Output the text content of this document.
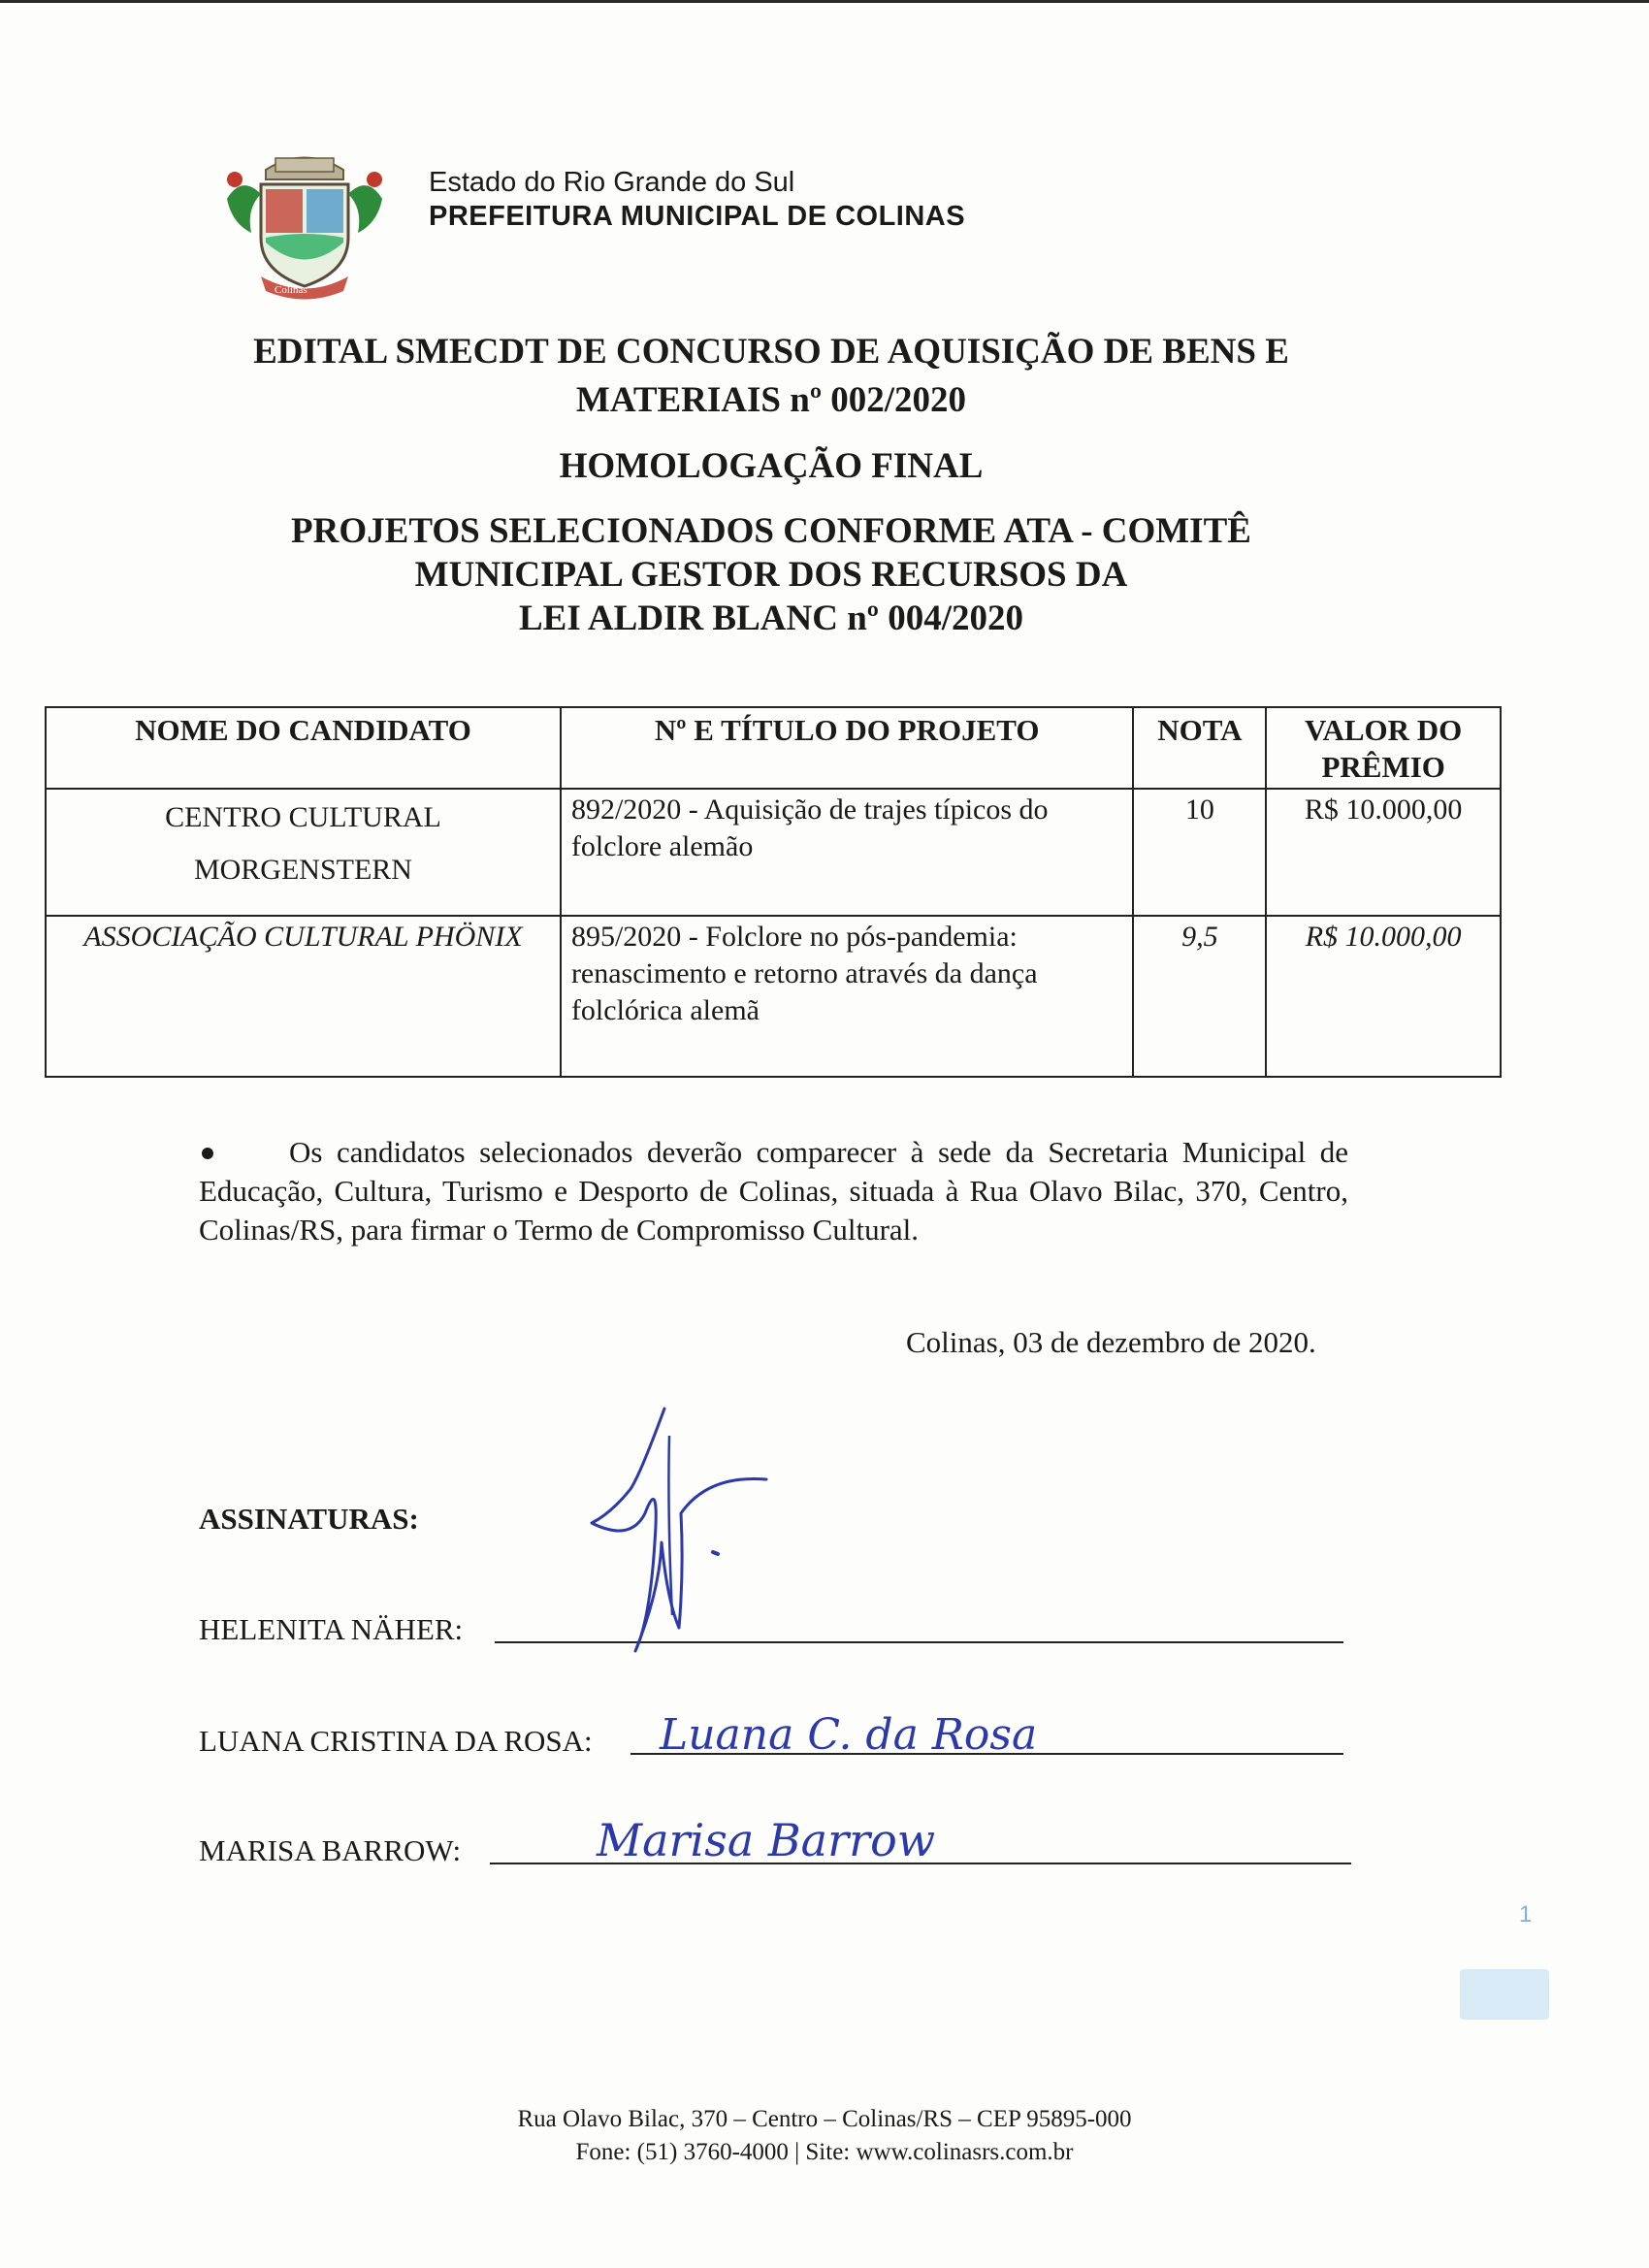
Colinas
Estado do Rio Grande do Sul
PREFEITURA MUNICIPAL DE COLINAS

EDITAL SMECDT DE CONCURSO DE AQUISIÇÃO DE BENS E

MATERIAIS nº 002/2020

HOMOLOGAÇÃO FINAL

PROJETOS SELECIONADOS CONFORME ATA - COMITÊ

MUNICIPAL GESTOR DOS RECURSOS DA

LEI ALDIR BLANC nº 004/2020

NOME DO CANDIDATO	Nº E TÍTULO DO PROJETO	NOTA	VALOR DO PRÊMIO

CENTRO CULTURAL
MORGENSTERN	892/2020 - Aquisição de trajes típicos do folclore alemão	10	R$ 10.000,00
ASSOCIAÇÃO CULTURAL PHÖNIX	895/2020 - Folclore no pós-pandemia: renascimento e retorno através da dança folclórica alemã	9,5	R$ 10.000,00
Os candidatos selecionados deverão comparecer à sede da Secretaria Municipal de Educação, Cultura, Turismo e Desporto de Colinas, situada à Rua Olavo Bilac, 370, Centro, Colinas/RS, para firmar o Termo de Compromisso Cultural.
Colinas, 03 de dezembro de 2020.
ASSINATURAS:
HELENITA NÄHER:
LUANA CRISTINA DA ROSA: Luana C. da Rosa
MARISA BARROW:	Marisa Barrow
1
Rua Olavo Bilac, 370 – Centro – Colinas/RS – CEP 95895-000
Fone: (51) 3760-4000 | Site: www.colinasrs.com.br
